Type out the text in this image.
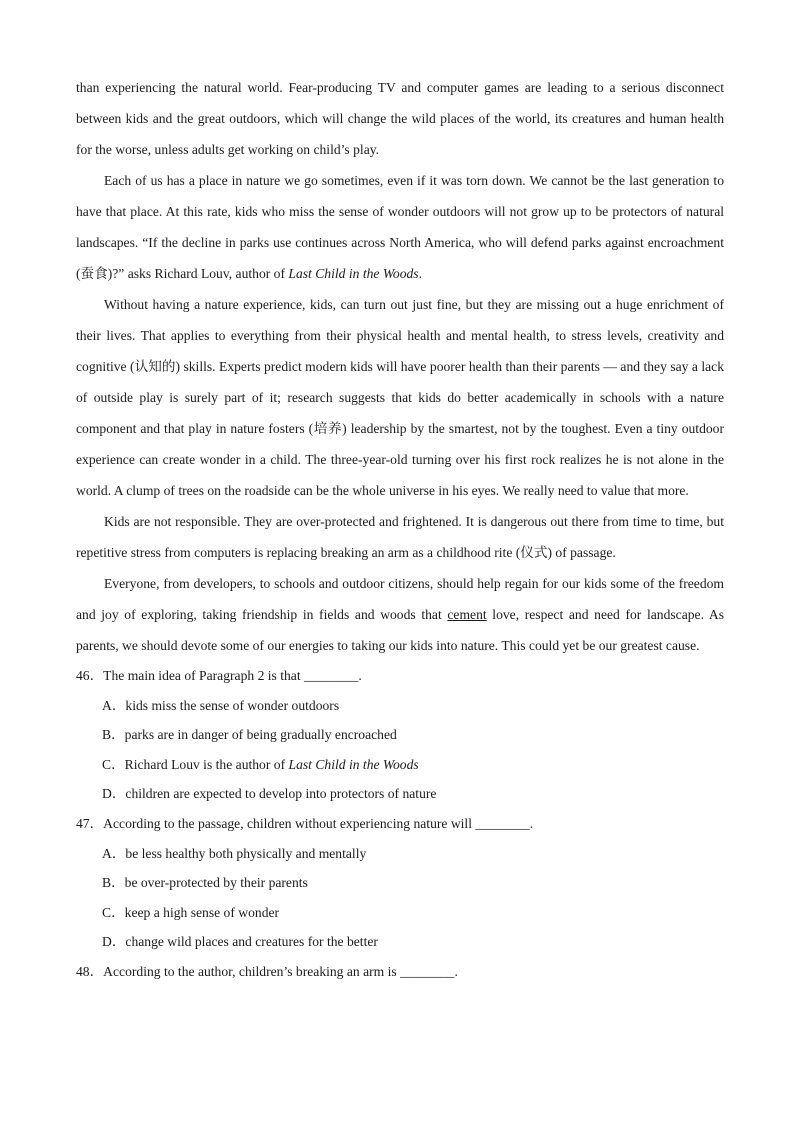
than experiencing the natural world. Fear-producing TV and computer games are leading to a serious disconnect between kids and the great outdoors, which will change the wild places of the world, its creatures and human health for the worse, unless adults get working on child’s play.

Each of us has a place in nature we go sometimes, even if it was torn down. We cannot be the last generation to have that place. At this rate, kids who miss the sense of wonder outdoors will not grow up to be protectors of natural landscapes. “If the decline in parks use continues across North America, who will defend parks against encroachment (蚕食)?” asks Richard Louv, author of Last Child in the Woods.

Without having a nature experience, kids, can turn out just fine, but they are missing out a huge enrichment of their lives. That applies to everything from their physical health and mental health, to stress levels, creativity and cognitive (认知的) skills. Experts predict modern kids will have poorer health than their parents — and they say a lack of outside play is surely part of it; research suggests that kids do better academically in schools with a nature component and that play in nature fosters (培养) leadership by the smartest, not by the toughest. Even a tiny outdoor experience can create wonder in a child. The three-year-old turning over his first rock realizes he is not alone in the world. A clump of trees on the roadside can be the whole universe in his eyes. We really need to value that more.

Kids are not responsible. They are over-protected and frightened. It is dangerous out there from time to time, but repetitive stress from computers is replacing breaking an arm as a childhood rite (仪式) of passage.

Everyone, from developers, to schools and outdoor citizens, should help regain for our kids some of the freedom and joy of exploring, taking friendship in fields and woods that cement love, respect and need for landscape. As parents, we should devote some of our energies to taking our kids into nature. This could yet be our greatest cause.

46．The main idea of Paragraph 2 is that ________.

A．kids miss the sense of wonder outdoors

B．parks are in danger of being gradually encroached

C．Richard Louv is the author of Last Child in the Woods

D．children are expected to develop into protectors of nature

47．According to the passage, children without experiencing nature will ________.

A．be less healthy both physically and mentally

B．be over-protected by their parents

C．keep a high sense of wonder

D．change wild places and creatures for the better

48．According to the author, children’s breaking an arm is ________.
